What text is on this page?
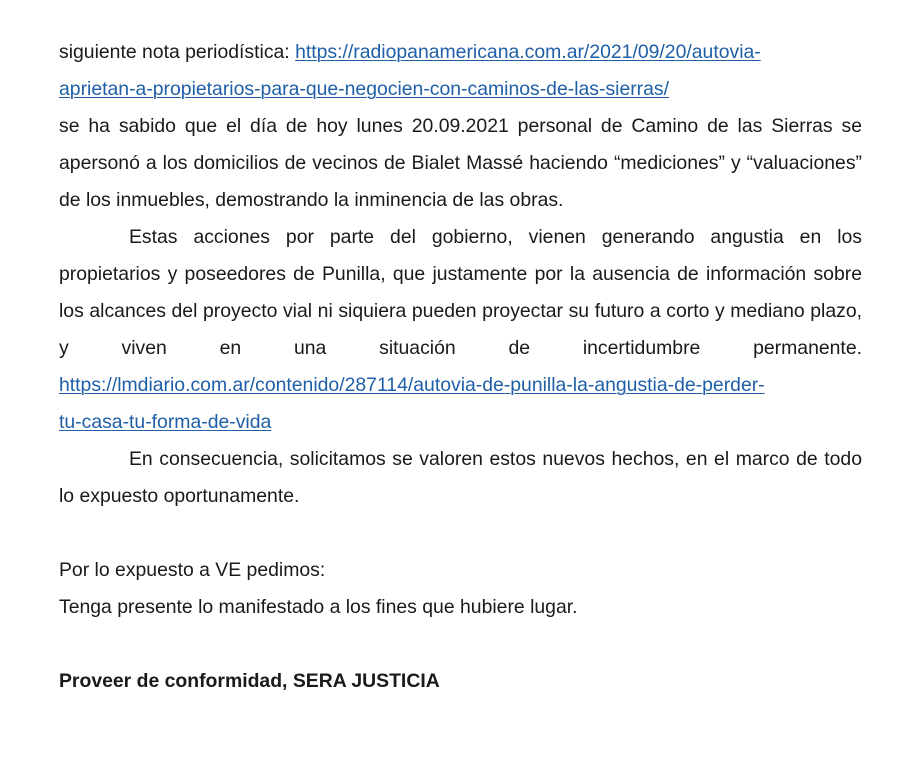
siguiente nota periodística: https://radiopanamericana.com.ar/2021/09/20/autovia-
aprietan-a-propietarios-para-que-negocien-con-caminos-de-las-sierras/

se ha sabido que el día de hoy lunes 20.09.2021 personal de Camino de las Sierras se apersonó a los domicilios de vecinos de Bialet Massé haciendo “mediciones” y “valuaciones” de los inmuebles, demostrando la inminencia de las obras.

Estas acciones por parte del gobierno, vienen generando angustia en los propietarios y poseedores de Punilla, que justamente por la ausencia de información sobre los alcances del proyecto vial ni siquiera pueden proyectar su futuro a corto y mediano plazo, y viven en una situación de incertidumbre permanente. https://lmdiario.com.ar/contenido/287114/autovia-de-punilla-la-angustia-de-perder-
tu-casa-tu-forma-de-vida

En consecuencia, solicitamos se valoren estos nuevos hechos, en el marco de todo lo expuesto oportunamente.

Por lo expuesto a VE pedimos:

Tenga presente lo manifestado a los fines que hubiere lugar.

Proveer de conformidad, SERA JUSTICIA
